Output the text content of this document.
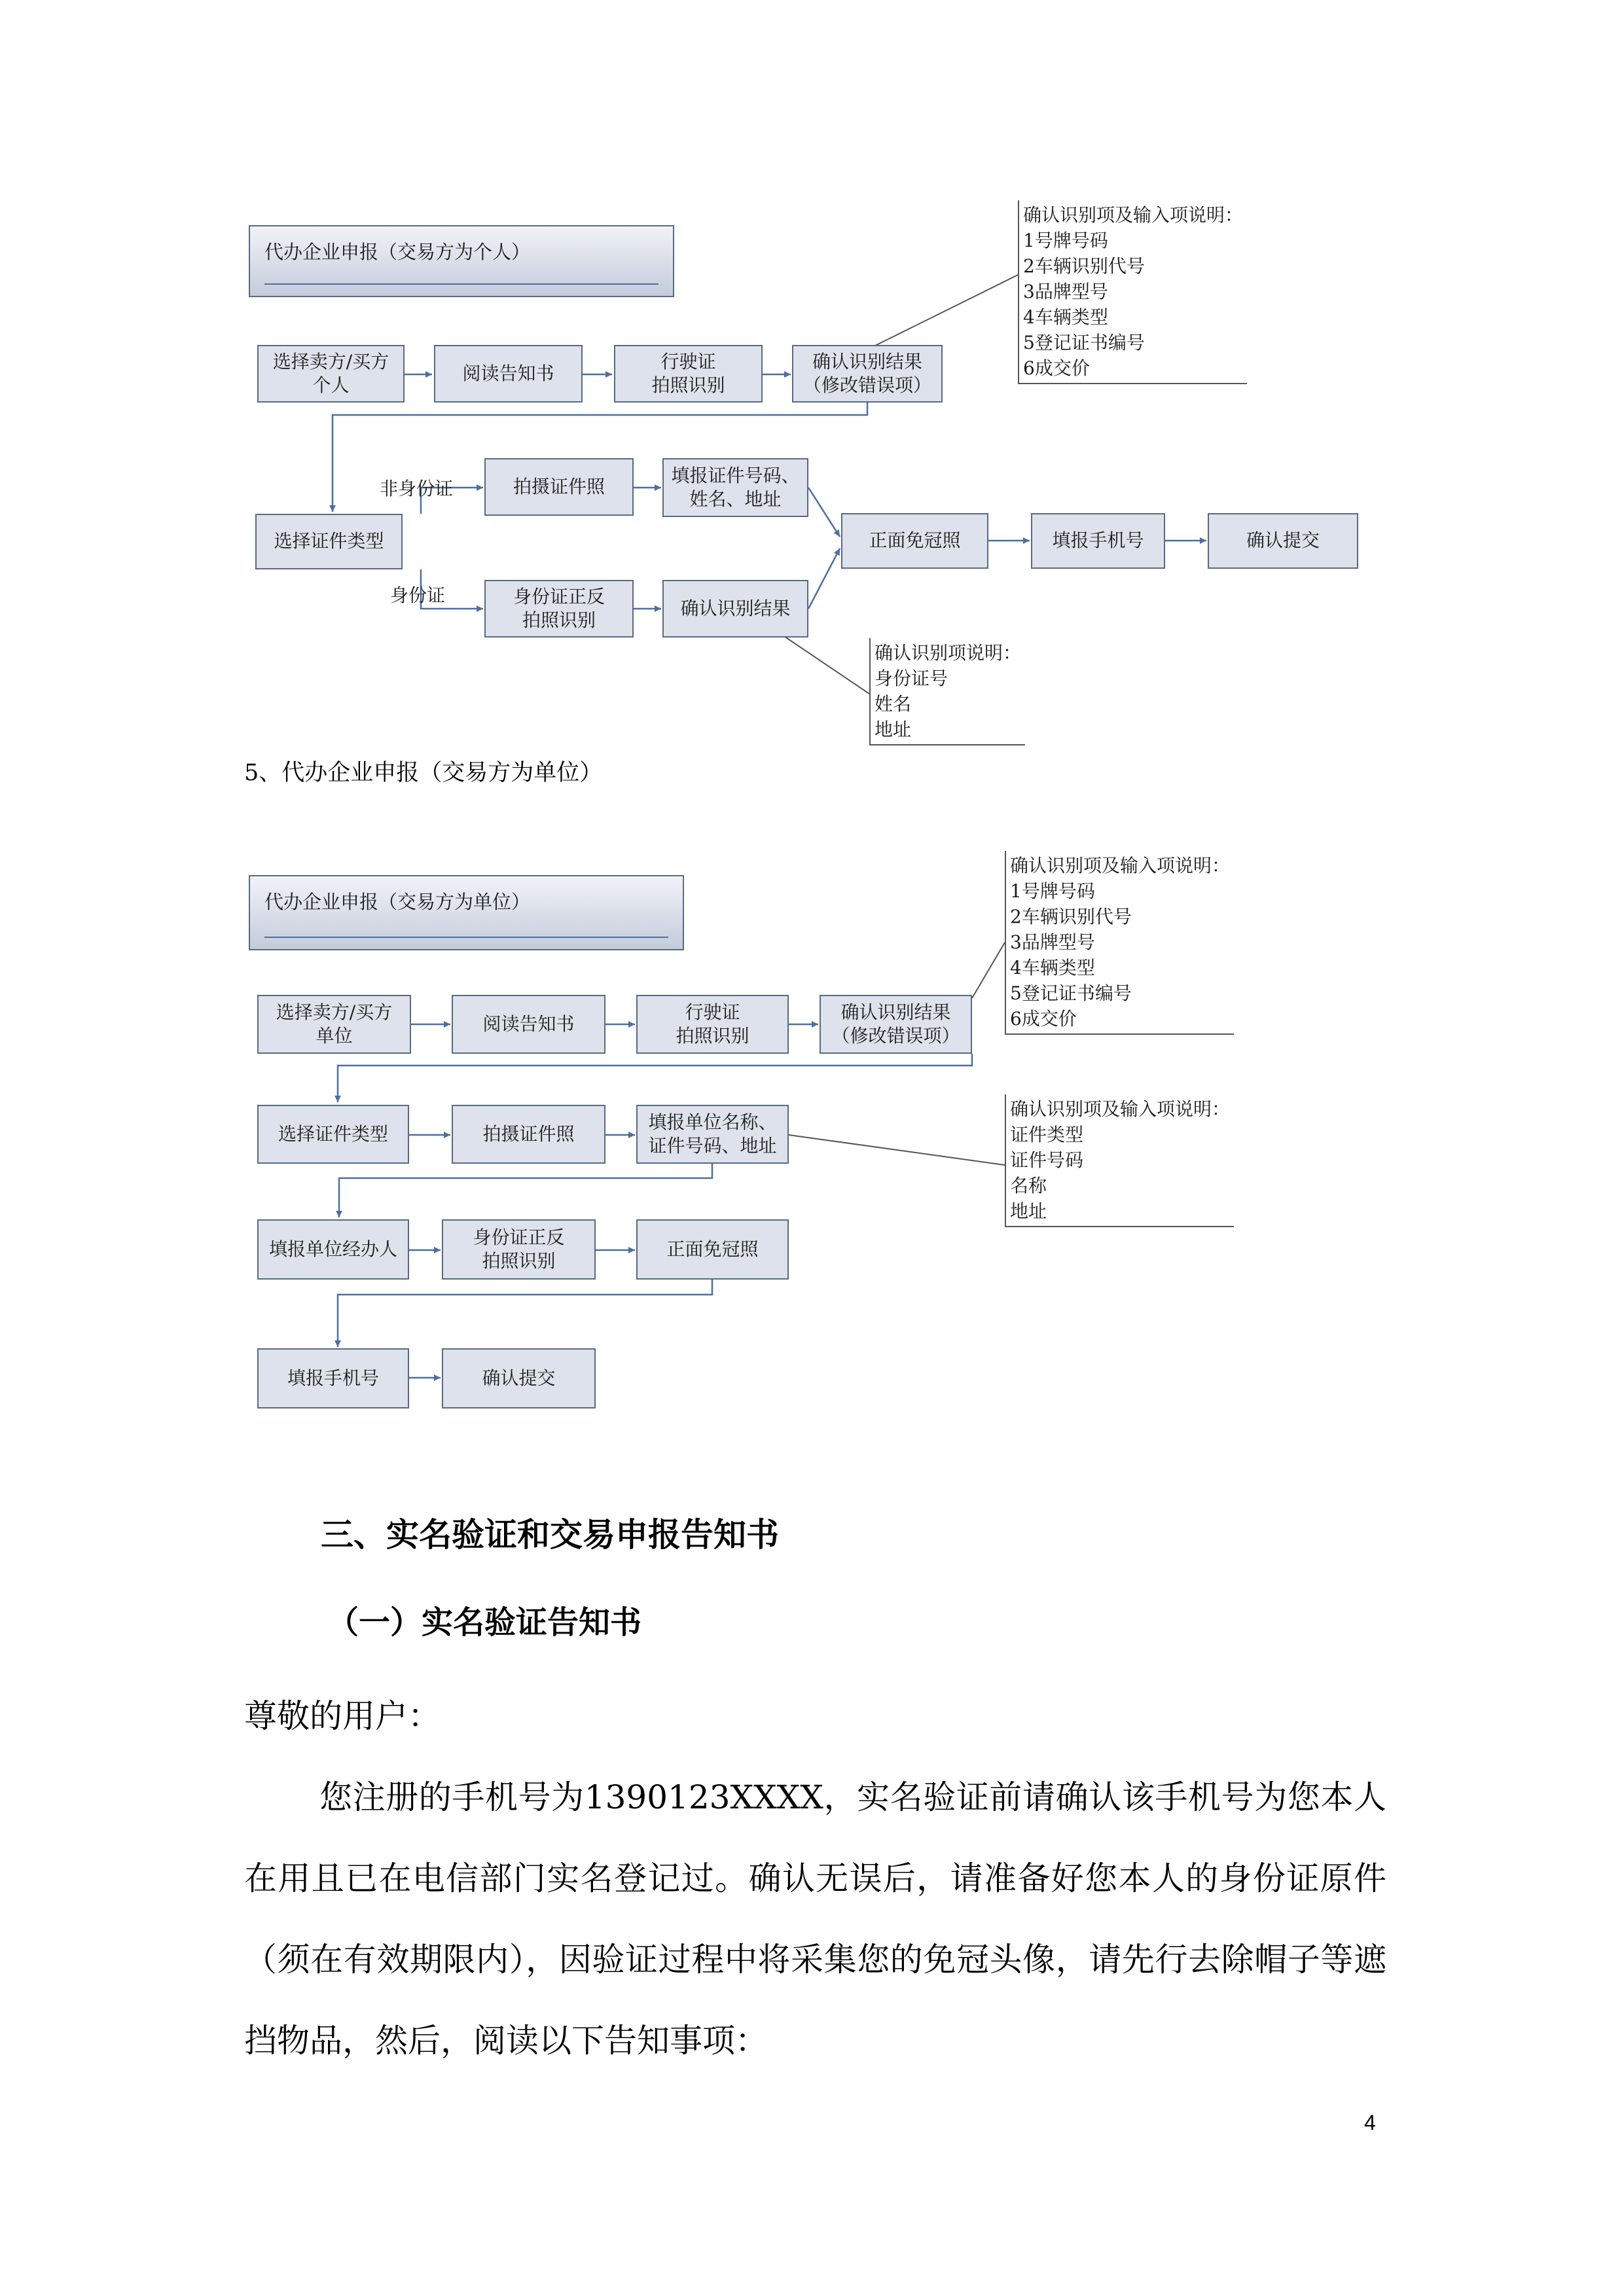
代办企业申报（交易方为个人）
选择卖方/买方
个人
阅读告知书
行驶证
拍照识别
确认识别结果
（修改错误项）
确认识别项及输入项说明：
1号牌号码
2车辆识别代号
3品牌型号
4车辆类型
5登记证书编号
6成交价
选择证件类型
非身份证
身份证
拍摄证件照
填报证件号码、
姓名、地址
身份证正反
拍照识别
确认识别结果
正面免冠照	填报手机号	确认提交
确认识别项说明：
身份证号
姓名
地址
5、代办企业申报（交易方为单位）
代办企业申报（交易方为单位）
选择卖方/买方
单位
阅读告知书
行驶证
拍照识别
确认识别结果
（修改错误项）
确认识别项及输入项说明：
1号牌号码
2车辆识别代号
3品牌型号
4车辆类型
5登记证书编号
6成交价
选择证件类型	拍摄证件照
填报单位名称、
证件号码、地址
确认识别项及输入项说明：
证件类型
证件号码
名称
地址
填报单位经办人
身份证正反
拍照识别
正面免冠照
填报手机号	确认提交
三、实名验证和交易申报告知书
（一）实名验证告知书
尊敬的用户：
您注册的手机号为1390123XXXX，实名验证前请确认该手机号为您本人在用且已在电信部门实名登记过。确认无误后，请准备好您本人的身份证原件（须在有效期限内），因验证过程中将采集您的免冠头像，请先行去除帽子等遮挡物品，然后，阅读以下告知事项：
4
